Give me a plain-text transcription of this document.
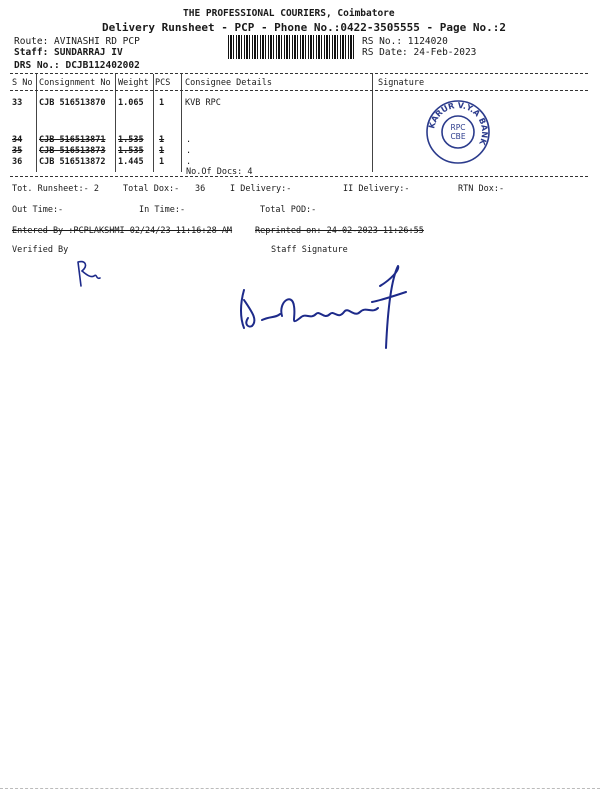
THE PROFESSIONAL COURIERS, Coimbatore
Delivery Runsheet - PCP - Phone No.:0422-3505555 - Page No.:2
Route: AVINASHI RD PCP
Staff: SUNDARRAJ IV
DRS No.: DCJB112402002
RS No.: 1124020
RS Date: 24-Feb-2023
S No Consignment No Weight PCS Consignee Details	Signature
33 CJB 516513870 1.065 1 KVB RPC
34 CJB 516513871 1.535 1	.
35 CJB 516513873 1.535 1	.
36 CJB 516513872 1.445 1	.
No.Of Docs: 4
KARUR V.Y.A BANK
RPC
CBE
Tot. Runsheet:- 2	Total Dox:- 36	I Delivery:-	II Delivery:-	RTN Dox:-
Out Time:-	In Time:-	Total POD:-
Entered By :PCPLAKSHMI 02/24/23 11:16:28 AM	Reprinted on: 24-02-2023 11:26:55
Verified By	Staff Signature
